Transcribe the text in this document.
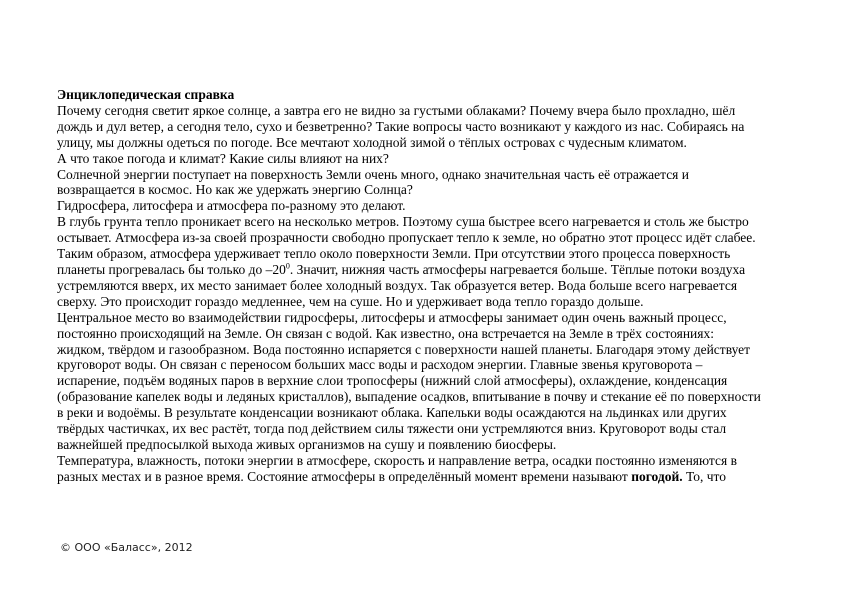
Энциклопедическая справка
Почему сегодня светит яркое солнце, а завтра его не видно за густыми облаками? Почему вчера было прохладно, шёл
дождь и дул ветер, а сегодня тело, сухо и безветренно? Такие вопросы часто возникают у каждого из нас. Собираясь на
улицу, мы должны одеться по погоде. Все мечтают холодной зимой о тёплых островах с чудесным климатом.
А что такое погода и климат? Какие силы влияют на них?
Солнечной энергии поступает на поверхность Земли очень много, однако значительная часть её отражается и
возвращается в космос. Но как же удержать энергию Солнца?
Гидросфера, литосфера и атмосфера по-разному это делают.
В глубь грунта тепло проникает всего на несколько метров. Поэтому суша быстрее всего нагревается и столь же быстро
остывает. Атмосфера из-за своей прозрачности свободно пропускает тепло к земле, но обратно этот процесс идёт слабее.
Таким образом, атмосфера удерживает тепло около поверхности Земли. При отсутствии этого процесса поверхность
планеты прогревалась бы только до $-20^0$. Значит, нижняя часть атмосферы нагревается больше. Тёплые потоки воздуха
устремляются вверх, их место занимает более холодный воздух. Так образуется ветер. Вода больше всего нагревается
сверху. Это происходит гораздо медленнее, чем на суше. Но и удерживает вода тепло гораздо дольше.
Центральное место во взаимодействии гидросферы, литосферы и атмосферы занимает один очень важный процесс,
постоянно происходящий на Земле. Он связан с водой. Как известно, она встречается на Земле в трёх состояниях:
жидком, твёрдом и газообразном. Вода постоянно испаряется с поверхности нашей планеты. Благодаря этому действует
круговорот воды. Он связан с переносом больших масс воды и расходом энергии. Главные звенья круговорота –
испарение, подъём водяных паров в верхние слои тропосферы (нижний слой атмосферы), охлаждение, конденсация
(образование капелек воды и ледяных кристаллов), выпадение осадков, впитывание в почву и стекание её по поверхности
в реки и водоёмы. В результате конденсации возникают облака. Капельки воды осаждаются на льдинках или других
твёрдых частичках, их вес растёт, тогда под действием силы тяжести они устремляются вниз. Круговорот воды стал
важнейшей предпосылкой выхода живых организмов на сушу и появлению биосферы.
Температура, влажность, потоки энергии в атмосфере, скорость и направление ветра, осадки постоянно изменяются в
разных местах и в разное время. Состояние атмосферы в определённый момент времени называют погодой. То, что
© ООО «Баласс», 2012
